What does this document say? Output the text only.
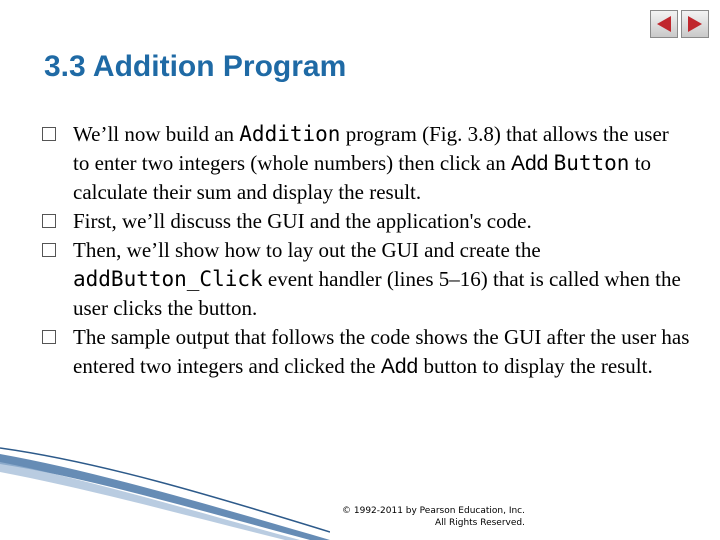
3.3 Addition Program
We’ll now build an Addition program (Fig. 3.8) that allows the user to enter two integers (whole numbers) then click an Add Button to calculate their sum and display the result.
First, we’ll discuss the GUI and the application's code.
Then, we’ll show how to lay out the GUI and create the addButton_Click event handler (lines 5–16) that is called when the user clicks the button.
The sample output that follows the code shows the GUI after the user has entered two integers and clicked the Add button to display the result.
© 1992-2011 by Pearson Education, Inc.
All Rights Reserved.
